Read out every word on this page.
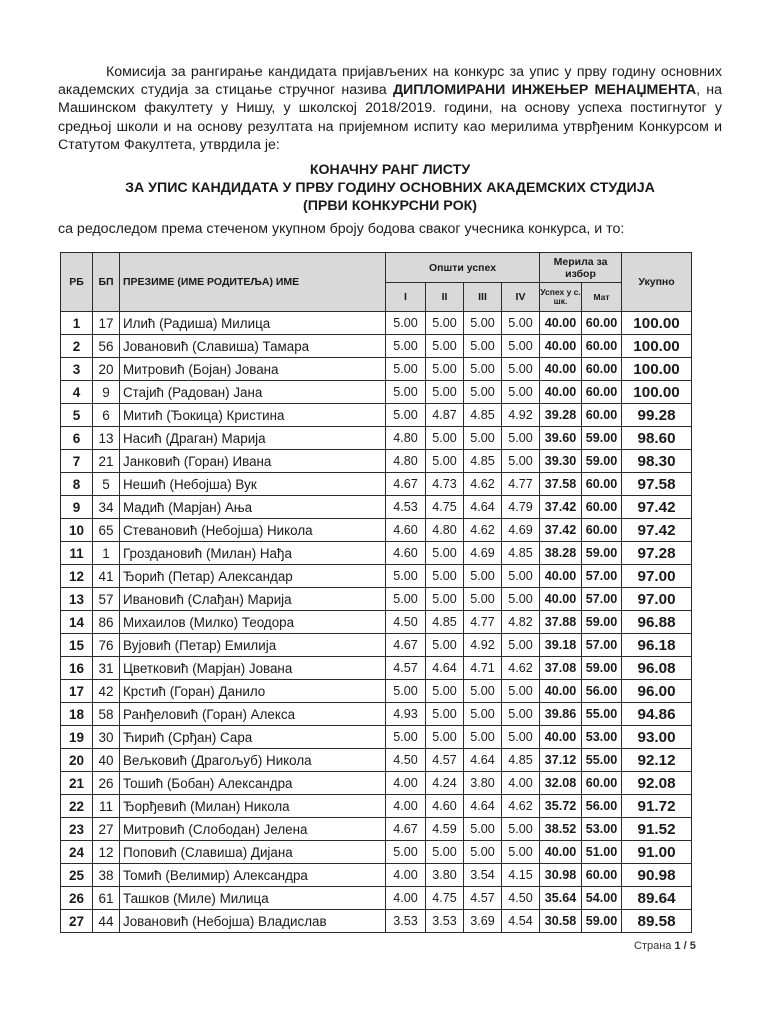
Комисија за рангирање кандидата пријављених на конкурс за упис у прву годину основних академских студија за стицање стручног назива ДИПЛОМИРАНИ ИНЖЕЊЕР МЕНАЏМЕНТА, на Машинском факултету у Нишу, у школској 2018/2019. години, на основу успеха постигнутог у средњој школи и на основу резултата на пријемном испиту као мерилима утврђеним Конкурсом и Статутом Факултета, утврдила је:

КОНАЧНУ РАНГ ЛИСТУ
ЗА УПИС КАНДИДАТА У ПРВУ ГОДИНУ ОСНОВНИХ АКАДЕМСКИХ СТУДИЈА
(ПРВИ КОНКУРСНИ РОК)

са редоследом према стеченом укупном броју бодова сваког учесника конкурса, и то:

РБ	БП	ПРЕЗИМЕ (ИМЕ РОДИТЕЉА) ИМЕ	Општи успех				Мерила за избор		Укупно
			I	II	III	IV	Успех у с. шк.	Мат	
1	17	Илић (Радиша) Милица	5.00	5.00	5.00	5.00	40.00	60.00	100.00
2	56	Јовановић (Славиша) Тамара	5.00	5.00	5.00	5.00	40.00	60.00	100.00
3	20	Митровић (Бојан) Јована	5.00	5.00	5.00	5.00	40.00	60.00	100.00
4	9	Стајић (Радован) Јана	5.00	5.00	5.00	5.00	40.00	60.00	100.00
5	6	Митић (Ђокица) Кристина	5.00	4.87	4.85	4.92	39.28	60.00	99.28
6	13	Насић (Драган) Марија	4.80	5.00	5.00	5.00	39.60	59.00	98.60
7	21	Јанковић (Горан) Ивана	4.80	5.00	4.85	5.00	39.30	59.00	98.30
8	5	Нешић (Небојша) Вук	4.67	4.73	4.62	4.77	37.58	60.00	97.58
9	34	Мадић (Марјан) Ања	4.53	4.75	4.64	4.79	37.42	60.00	97.42
10	65	Стевановић (Небојша) Никола	4.60	4.80	4.62	4.69	37.42	60.00	97.42
11	1	Гроздановић (Милан) Нађа	4.60	5.00	4.69	4.85	38.28	59.00	97.28
12	41	Ђорић (Петар) Александар	5.00	5.00	5.00	5.00	40.00	57.00	97.00
13	57	Ивановић (Слађан) Марија	5.00	5.00	5.00	5.00	40.00	57.00	97.00
14	86	Михаилов (Милко) Теодора	4.50	4.85	4.77	4.82	37.88	59.00	96.88
15	76	Вујовић (Петар) Емилија	4.67	5.00	4.92	5.00	39.18	57.00	96.18
16	31	Цветковић (Марјан) Јована	4.57	4.64	4.71	4.62	37.08	59.00	96.08
17	42	Крстић (Горан) Данило	5.00	5.00	5.00	5.00	40.00	56.00	96.00
18	58	Ранђеловић (Горан) Алекса	4.93	5.00	5.00	5.00	39.86	55.00	94.86
19	30	Ћирић (Срђан) Сара	5.00	5.00	5.00	5.00	40.00	53.00	93.00
20	40	Вељковић (Драгољуб) Никола	4.50	4.57	4.64	4.85	37.12	55.00	92.12
21	26	Тошић (Бобан) Александра	4.00	4.24	3.80	4.00	32.08	60.00	92.08
22	11	Ђорђевић (Милан) Никола	4.00	4.60	4.64	4.62	35.72	56.00	91.72
23	27	Митровић (Слободан) Јелена	4.67	4.59	5.00	5.00	38.52	53.00	91.52
24	12	Поповић (Славиша) Дијана	5.00	5.00	5.00	5.00	40.00	51.00	91.00
25	38	Томић (Велимир) Александра	4.00	3.80	3.54	4.15	30.98	60.00	90.98
26	61	Ташков (Миле) Милица	4.00	4.75	4.57	4.50	35.64	54.00	89.64
27	44	Јовановић (Небојша) Владислав	3.53	3.53	3.69	4.54	30.58	59.00	89.58
Страна 1 / 5
